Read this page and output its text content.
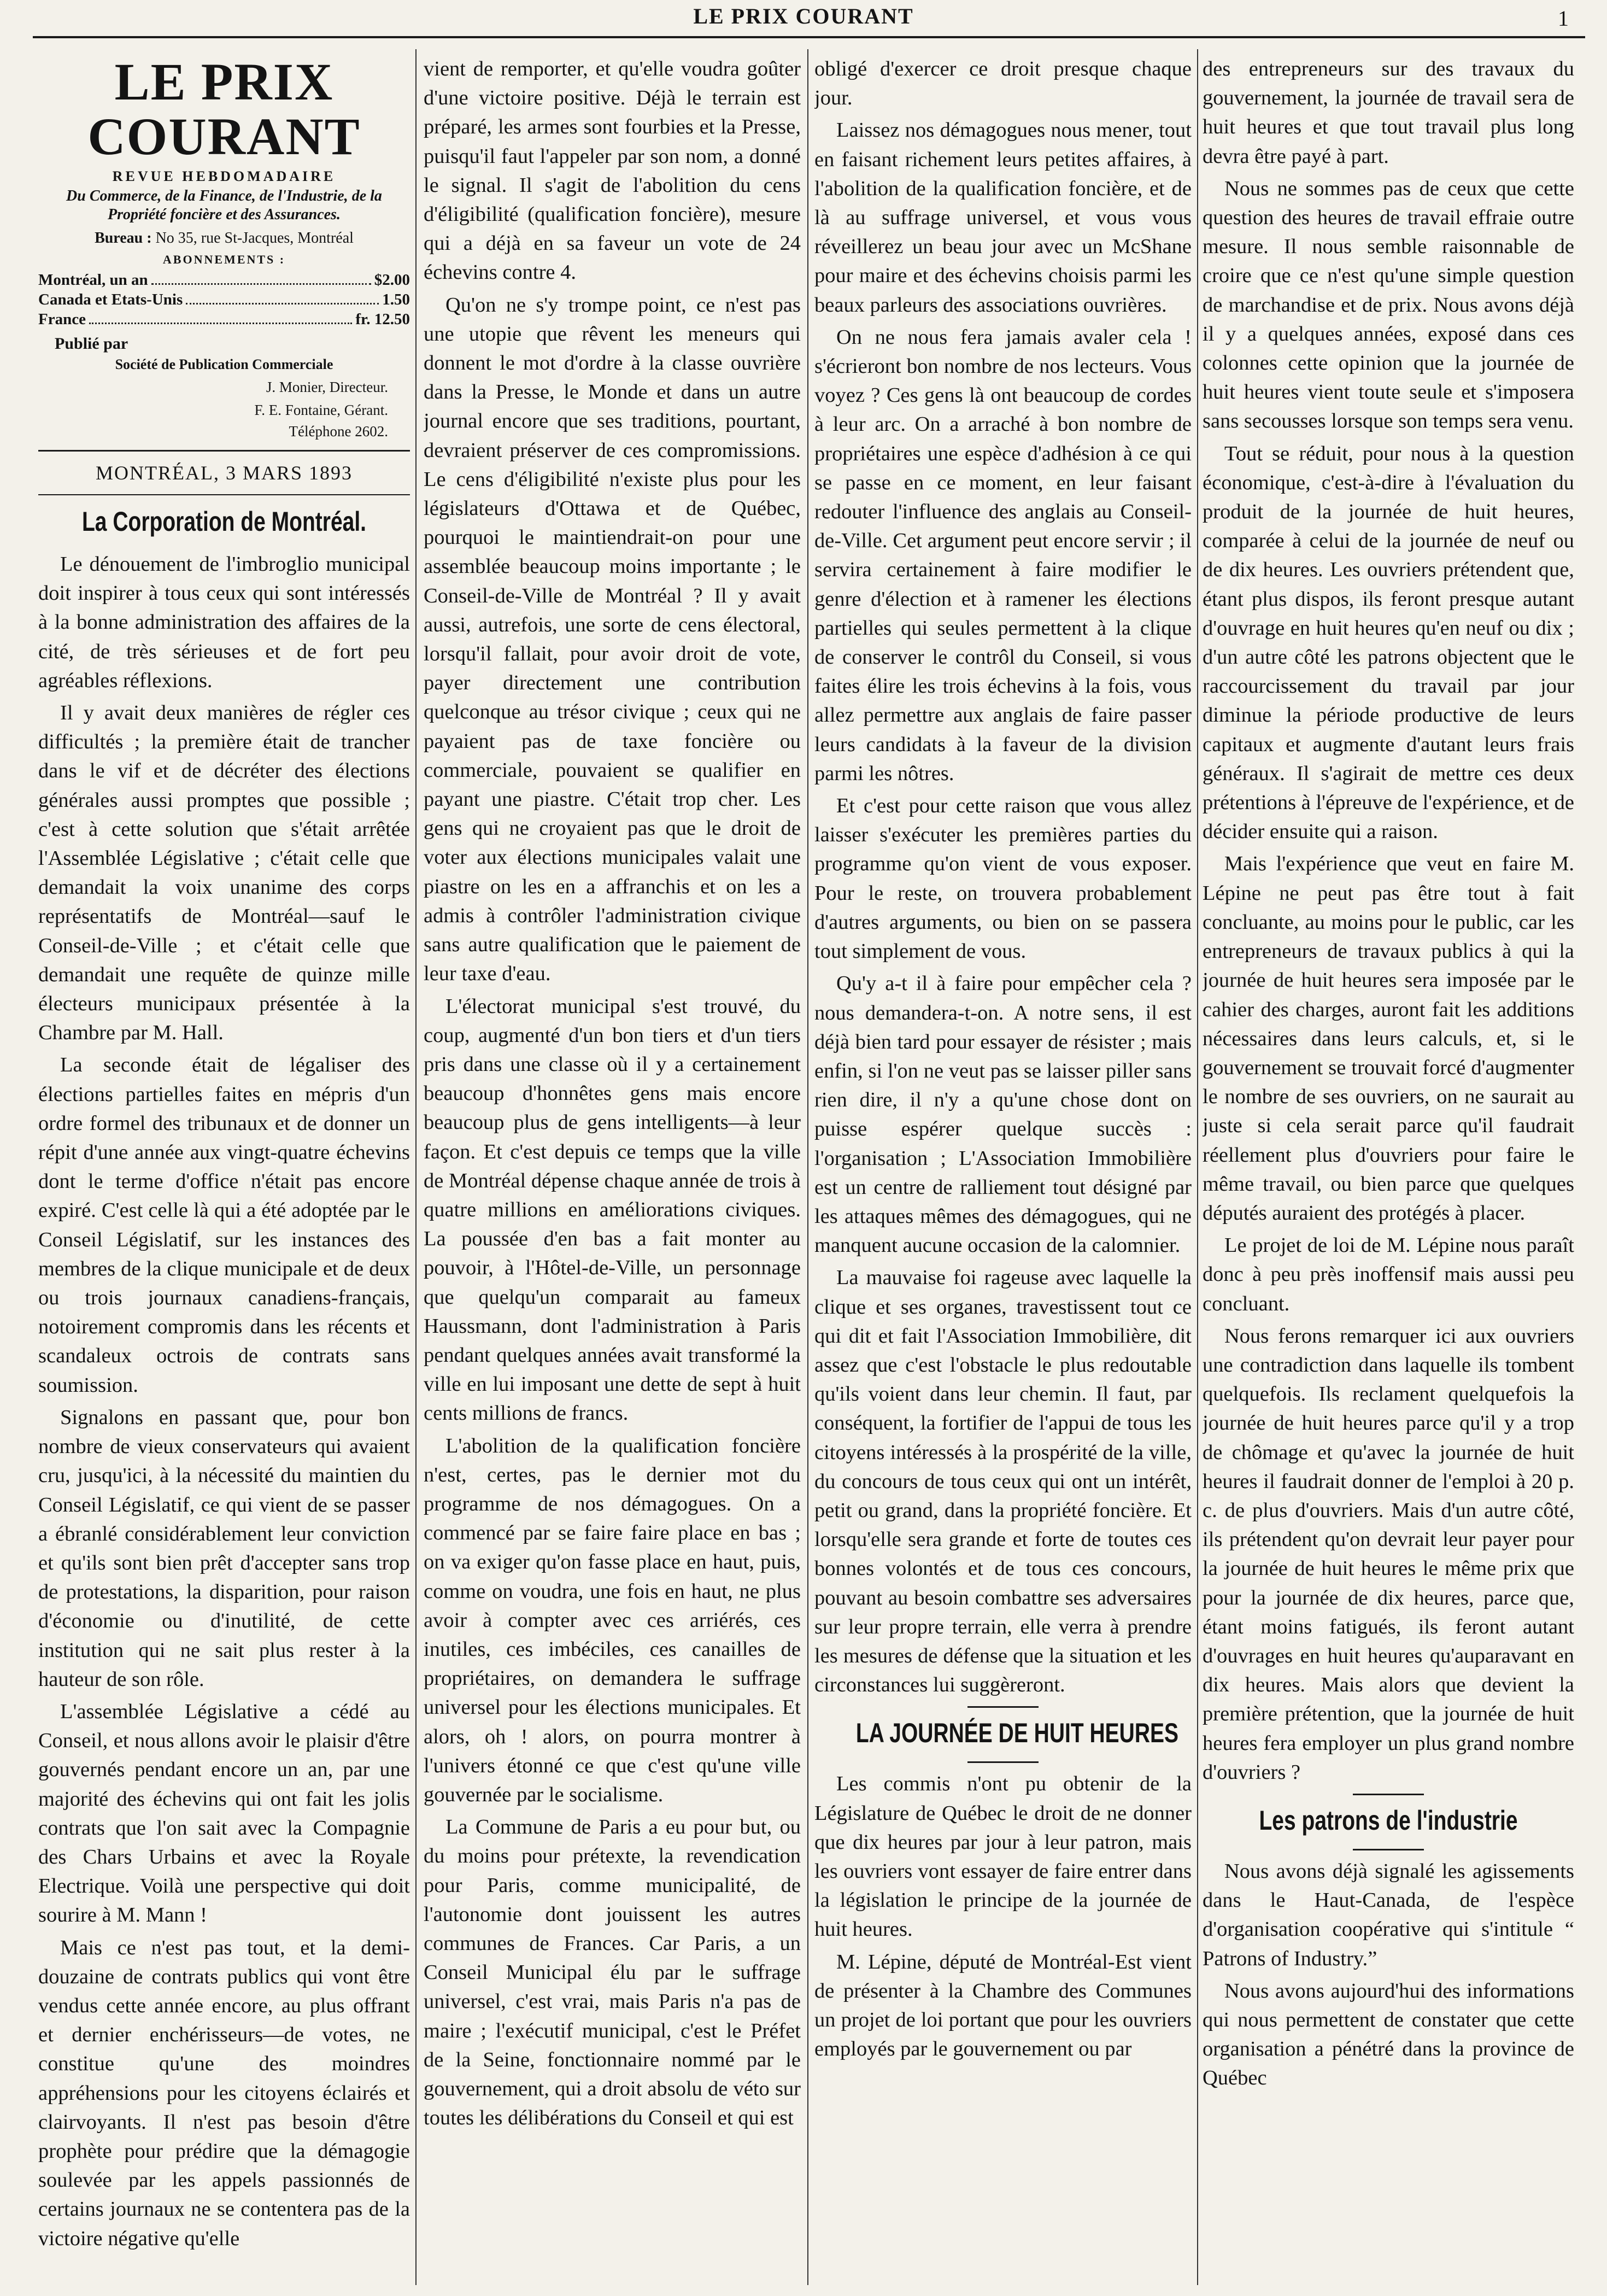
LE PRIX COURANT	1
LE PRIX COURANT
REVUE HEBDOMADAIRE
Du Commerce, de la Finance, de l'Industrie, de la Propriété foncière et des Assurances.
Bureau : No 35, rue St-Jacques, Montréal
ABONNEMENTS :
Montréal, un an	$2.00
Canada et Etats-Unis	1.50
France	fr. 12.50
Publié par
Société de Publication Commerciale
J. Monier, Directeur.
F. E. Fontaine, Gérant.
Téléphone 2602.
MONTRÉAL, 3 MARS 1893
La Corporation de Montréal.

Le dénouement de l'imbroglio municipal doit inspirer à tous ceux qui sont intéressés à la bonne administration des affaires de la cité, de très sérieuses et de fort peu agréables réflexions.

Il y avait deux manières de régler ces difficultés ; la première était de trancher dans le vif et de décréter des élections générales aussi promptes que possible ; c'est à cette solution que s'était arrêtée l'Assemblée Législative ; c'était celle que demandait la voix unanime des corps représentatifs de Montréal—sauf le Conseil-de-Ville ; et c'était celle que demandait une requête de quinze mille électeurs municipaux présentée à la Chambre par M. Hall.

La seconde était de légaliser des élections partielles faites en mépris d'un ordre formel des tribunaux et de donner un répit d'une année aux vingt-quatre échevins dont le terme d'office n'était pas encore expiré. C'est celle là qui a été adoptée par le Conseil Législatif, sur les instances des membres de la clique municipale et de deux ou trois journaux canadiens-français, notoirement compromis dans les récents et scandaleux octrois de contrats sans soumission.

Signalons en passant que, pour bon nombre de vieux conservateurs qui avaient cru, jusqu'ici, à la nécessité du maintien du Conseil Législatif, ce qui vient de se passer a ébranlé considérablement leur conviction et qu'ils sont bien prêt d'accepter sans trop de protestations, la disparition, pour raison d'économie ou d'inutilité, de cette institution qui ne sait plus rester à la hauteur de son rôle.

L'assemblée Législative a cédé au Conseil, et nous allons avoir le plaisir d'être gouvernés pendant encore un an, par une majorité des échevins qui ont fait les jolis contrats que l'on sait avec la Compagnie des Chars Urbains et avec la Royale Electrique. Voilà une perspective qui doit sourire à M. Mann !

Mais ce n'est pas tout, et la demi-douzaine de contrats publics qui vont être vendus cette année encore, au plus offrant et dernier enchérisseurs—de votes, ne constitue qu'une des moindres appréhensions pour les citoyens éclairés et clairvoyants. Il n'est pas besoin d'être prophète pour prédire que la démagogie soulevée par les appels passionnés de certains journaux ne se contentera pas de la victoire négative qu'elle

vient de remporter, et qu'elle voudra goûter d'une victoire positive. Déjà le terrain est préparé, les armes sont fourbies et la Presse, puisqu'il faut l'appeler par son nom, a donné le signal. Il s'agit de l'abolition du cens d'éligibilité (qualification foncière), mesure qui a déjà en sa faveur un vote de 24 échevins contre 4.

Qu'on ne s'y trompe point, ce n'est pas une utopie que rêvent les meneurs qui donnent le mot d'ordre à la classe ouvrière dans la Presse, le Monde et dans un autre journal encore que ses traditions, pourtant, devraient préserver de ces compromissions. Le cens d'éligibilité n'existe plus pour les législateurs d'Ottawa et de Québec, pourquoi le maintiendrait-on pour une assemblée beaucoup moins importante ; le Conseil-de-Ville de Montréal ? Il y avait aussi, autrefois, une sorte de cens électoral, lorsqu'il fallait, pour avoir droit de vote, payer directement une contribution quelconque au trésor civique ; ceux qui ne payaient pas de taxe foncière ou commerciale, pouvaient se qualifier en payant une piastre. C'était trop cher. Les gens qui ne croyaient pas que le droit de voter aux élections municipales valait une piastre on les en a affranchis et on les a admis à contrôler l'administration civique sans autre qualification que le paiement de leur taxe d'eau.

L'électorat municipal s'est trouvé, du coup, augmenté d'un bon tiers et d'un tiers pris dans une classe où il y a certainement beaucoup d'honnêtes gens mais encore beaucoup plus de gens intelligents—à leur façon. Et c'est depuis ce temps que la ville de Montréal dépense chaque année de trois à quatre millions en améliorations civiques. La poussée d'en bas a fait monter au pouvoir, à l'Hôtel-de-Ville, un personnage que quelqu'un comparait au fameux Haussmann, dont l'administration à Paris pendant quelques années avait transformé la ville en lui imposant une dette de sept à huit cents millions de francs.

L'abolition de la qualification foncière n'est, certes, pas le dernier mot du programme de nos démagogues. On a commencé par se faire faire place en bas ; on va exiger qu'on fasse place en haut, puis, comme on voudra, une fois en haut, ne plus avoir à compter avec ces arriérés, ces inutiles, ces imbéciles, ces canailles de propriétaires, on demandera le suffrage universel pour les élections municipales. Et alors, oh ! alors, on pourra montrer à l'univers étonné ce que c'est qu'une ville gouvernée par le socialisme.

La Commune de Paris a eu pour but, ou du moins pour prétexte, la revendication pour Paris, comme municipalité, de l'autonomie dont jouissent les autres communes de Frances. Car Paris, a un Conseil Municipal élu par le suffrage universel, c'est vrai, mais Paris n'a pas de maire ; l'exécutif municipal, c'est le Préfet de la Seine, fonctionnaire nommé par le gouvernement, qui a droit absolu de véto sur toutes les délibérations du Conseil et qui est

obligé d'exercer ce droit presque chaque jour.

Laissez nos démagogues nous mener, tout en faisant richement leurs petites affaires, à l'abolition de la qualification foncière, et de là au suffrage universel, et vous vous réveillerez un beau jour avec un McShane pour maire et des échevins choisis parmi les beaux parleurs des associations ouvrières.

On ne nous fera jamais avaler cela ! s'écrieront bon nombre de nos lecteurs. Vous voyez ? Ces gens là ont beaucoup de cordes à leur arc. On a arraché à bon nombre de propriétaires une espèce d'adhésion à ce qui se passe en ce moment, en leur faisant redouter l'influence des anglais au Conseil-de-Ville. Cet argument peut encore servir ; il servira certainement à faire modifier le genre d'élection et à ramener les élections partielles qui seules permettent à la clique de conserver le contrôl du Conseil, si vous faites élire les trois échevins à la fois, vous allez permettre aux anglais de faire passer leurs candidats à la faveur de la division parmi les nôtres.

Et c'est pour cette raison que vous allez laisser s'exécuter les premières parties du programme qu'on vient de vous exposer. Pour le reste, on trouvera probablement d'autres arguments, ou bien on se passera tout simplement de vous.

Qu'y a-t il à faire pour empêcher cela ? nous demandera-t-on. A notre sens, il est déjà bien tard pour essayer de résister ; mais enfin, si l'on ne veut pas se laisser piller sans rien dire, il n'y a qu'une chose dont on puisse espérer quelque succès : l'organisation ; L'Association Immobilière est un centre de ralliement tout désigné par les attaques mêmes des démagogues, qui ne manquent aucune occasion de la calomnier.

La mauvaise foi rageuse avec laquelle la clique et ses organes, travestissent tout ce qui dit et fait l'Association Immobilière, dit assez que c'est l'obstacle le plus redoutable qu'ils voient dans leur chemin. Il faut, par conséquent, la fortifier de l'appui de tous les citoyens intéressés à la prospérité de la ville, du concours de tous ceux qui ont un intérêt, petit ou grand, dans la propriété foncière. Et lorsqu'elle sera grande et forte de toutes ces bonnes volontés et de tous ces concours, pouvant au besoin combattre ses adversaires sur leur propre terrain, elle verra à prendre les mesures de défense que la situation et les circonstances lui suggèreront.

LA JOURNÉE DE HUIT HEURES

Les commis n'ont pu obtenir de la Législature de Québec le droit de ne donner que dix heures par jour à leur patron, mais les ouvriers vont essayer de faire entrer dans la législation le principe de la journée de huit heures.

M. Lépine, député de Montréal-Est vient de présenter à la Chambre des Communes un projet de loi portant que pour les ouvriers employés par le gouvernement ou par

des entrepreneurs sur des travaux du gouvernement, la journée de travail sera de huit heures et que tout travail plus long devra être payé à part.

Nous ne sommes pas de ceux que cette question des heures de travail effraie outre mesure. Il nous semble raisonnable de croire que ce n'est qu'une simple question de marchandise et de prix. Nous avons déjà il y a quelques années, exposé dans ces colonnes cette opinion que la journée de huit heures vient toute seule et s'imposera sans secousses lorsque son temps sera venu.

Tout se réduit, pour nous à la question économique, c'est-à-dire à l'évaluation du produit de la journée de huit heures, comparée à celui de la journée de neuf ou de dix heures. Les ouvriers prétendent que, étant plus dispos, ils feront presque autant d'ouvrage en huit heures qu'en neuf ou dix ; d'un autre côté les patrons objectent que le raccourcissement du travail par jour diminue la période productive de leurs capitaux et augmente d'autant leurs frais généraux. Il s'agirait de mettre ces deux prétentions à l'épreuve de l'expérience, et de décider ensuite qui a raison.

Mais l'expérience que veut en faire M. Lépine ne peut pas être tout à fait concluante, au moins pour le public, car les entrepreneurs de travaux publics à qui la journée de huit heures sera imposée par le cahier des charges, auront fait les additions nécessaires dans leurs calculs, et, si le gouvernement se trouvait forcé d'augmenter le nombre de ses ouvriers, on ne saurait au juste si cela serait parce qu'il faudrait réellement plus d'ouvriers pour faire le même travail, ou bien parce que quelques députés auraient des protégés à placer.

Le projet de loi de M. Lépine nous paraît donc à peu près inoffensif mais aussi peu concluant.

Nous ferons remarquer ici aux ouvriers une contradiction dans laquelle ils tombent quelquefois. Ils reclament quelquefois la journée de huit heures parce qu'il y a trop de chômage et qu'avec la journée de huit heures il faudrait donner de l'emploi à 20 p. c. de plus d'ouvriers. Mais d'un autre côté, ils prétendent qu'on devrait leur payer pour la journée de huit heures le même prix que pour la journée de dix heures, parce que, étant moins fatigués, ils feront autant d'ouvrages en huit heures qu'auparavant en dix heures. Mais alors que devient la première prétention, que la journée de huit heures fera employer un plus grand nombre d'ouvriers ?

Les patrons de l'industrie

Nous avons déjà signalé les agissements dans le Haut-Canada, de l'espèce d'organisation coopérative qui s'intitule “ Patrons of Industry.”

Nous avons aujourd'hui des informations qui nous permettent de constater que cette organisation a pénétré dans la province de Québec
